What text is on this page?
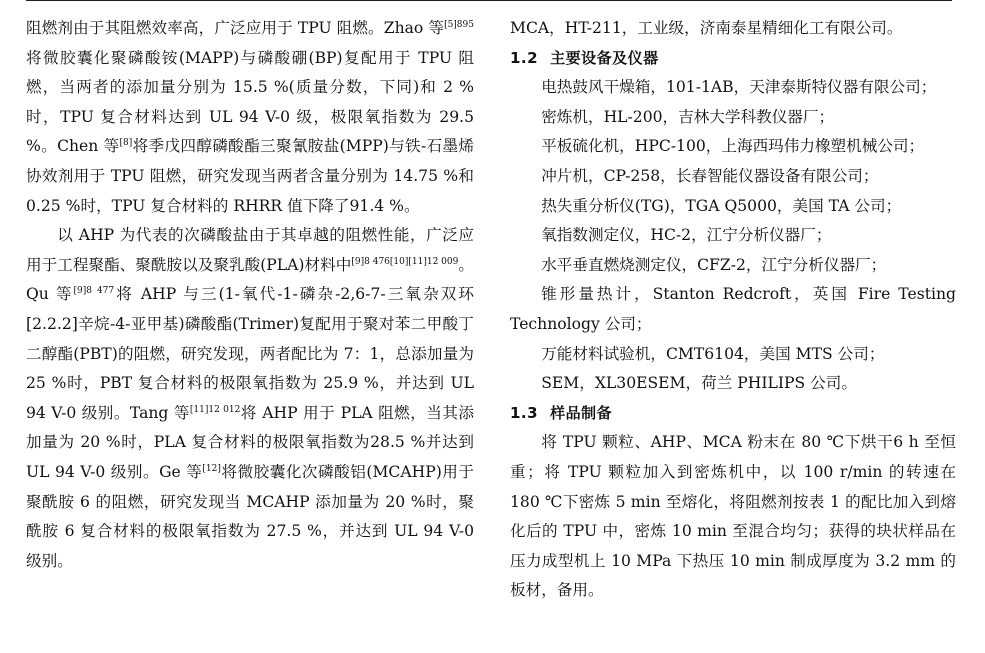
阻燃剂由于其阻燃效率高，广泛应用于 TPU 阻燃。Zhao 等$^{[5]895}$将微胶囊化聚磷酸铵(MAPP)与磷酸硼(BP)复配用于 TPU 阻燃，当两者的添加量分别为 15.5 %(质量分数，下同)和 2 %时，TPU 复合材料达到 UL 94 V-0 级，极限氧指数为 29.5 %。Chen 等[8]将季戊四醇磷酸酯三聚氰胺盐(MPP)与铁-石墨烯协效剂用于 TPU 阻燃，研究发现当两者含量分别为 14.75 %和0.25 %时，TPU 复合材料的 RHRR 值下降了91.4 %。

以 AHP 为代表的次磷酸盐由于其卓越的阻燃性能，广泛应用于工程聚酯、聚酰胺以及聚乳酸(PLA)材料中$^{[9]8 476[10][11]12 009}$。Qu 等$^{[9]8 477}$将 AHP 与三(1-氧代-1-磷杂-2,6-7-三氧杂双环[2.2.2]辛烷-4-亚甲基)磷酸酯(Trimer)复配用于聚对苯二甲酸丁二醇酯(PBT)的阻燃，研究发现，两者配比为 7：1，总添加量为 25 %时，PBT 复合材料的极限氧指数为 25.9 %，并达到 UL 94 V-0 级别。Tang 等$^{[11]12 012}$将 AHP 用于 PLA 阻燃，当其添加量为 20 %时，PLA 复合材料的极限氧指数为28.5 %并达到 UL 94 V-0 级别。Ge 等[12]将微胶囊化次磷酸铝(MCAHP)用于聚酰胺 6 的阻燃，研究发现当 MCAHP 添加量为 20 %时，聚酰胺 6 复合材料的极限氧指数为 27.5 %，并达到 UL 94 V-0 级别。

MCA，HT-211，工业级，济南泰星精细化工有限公司。

1.2 主要设备及仪器

电热鼓风干燥箱，101-1AB，天津泰斯特仪器有限公司；

密炼机，HL-200，吉林大学科教仪器厂；

平板硫化机，HPC-100，上海西玛伟力橡塑机械公司；

冲片机，CP-258，长春智能仪器设备有限公司；

热失重分析仪(TG)，TGA Q5000，美国 TA 公司；

氧指数测定仪，HC-2，江宁分析仪器厂；

水平垂直燃烧测定仪，CFZ-2，江宁分析仪器厂；

锥形量热计，Stanton Redcroft，英国 Fire Testing Technology 公司；

万能材料试验机，CMT6104，美国 MTS 公司；

SEM，XL30ESEM，荷兰 PHILIPS 公司。

1.3 样品制备

将 TPU 颗粒、AHP、MCA 粉末在 80 ℃下烘干6 h 至恒重；将 TPU 颗粒加入到密炼机中，以 100 r/min 的转速在 180 ℃下密炼 5 min 至熔化，将阻燃剂按表 1 的配比加入到熔化后的 TPU 中，密炼 10 min 至混合均匀；获得的块状样品在压力成型机上 10 MPa 下热压 10 min 制成厚度为 3.2 mm 的板材，备用。
